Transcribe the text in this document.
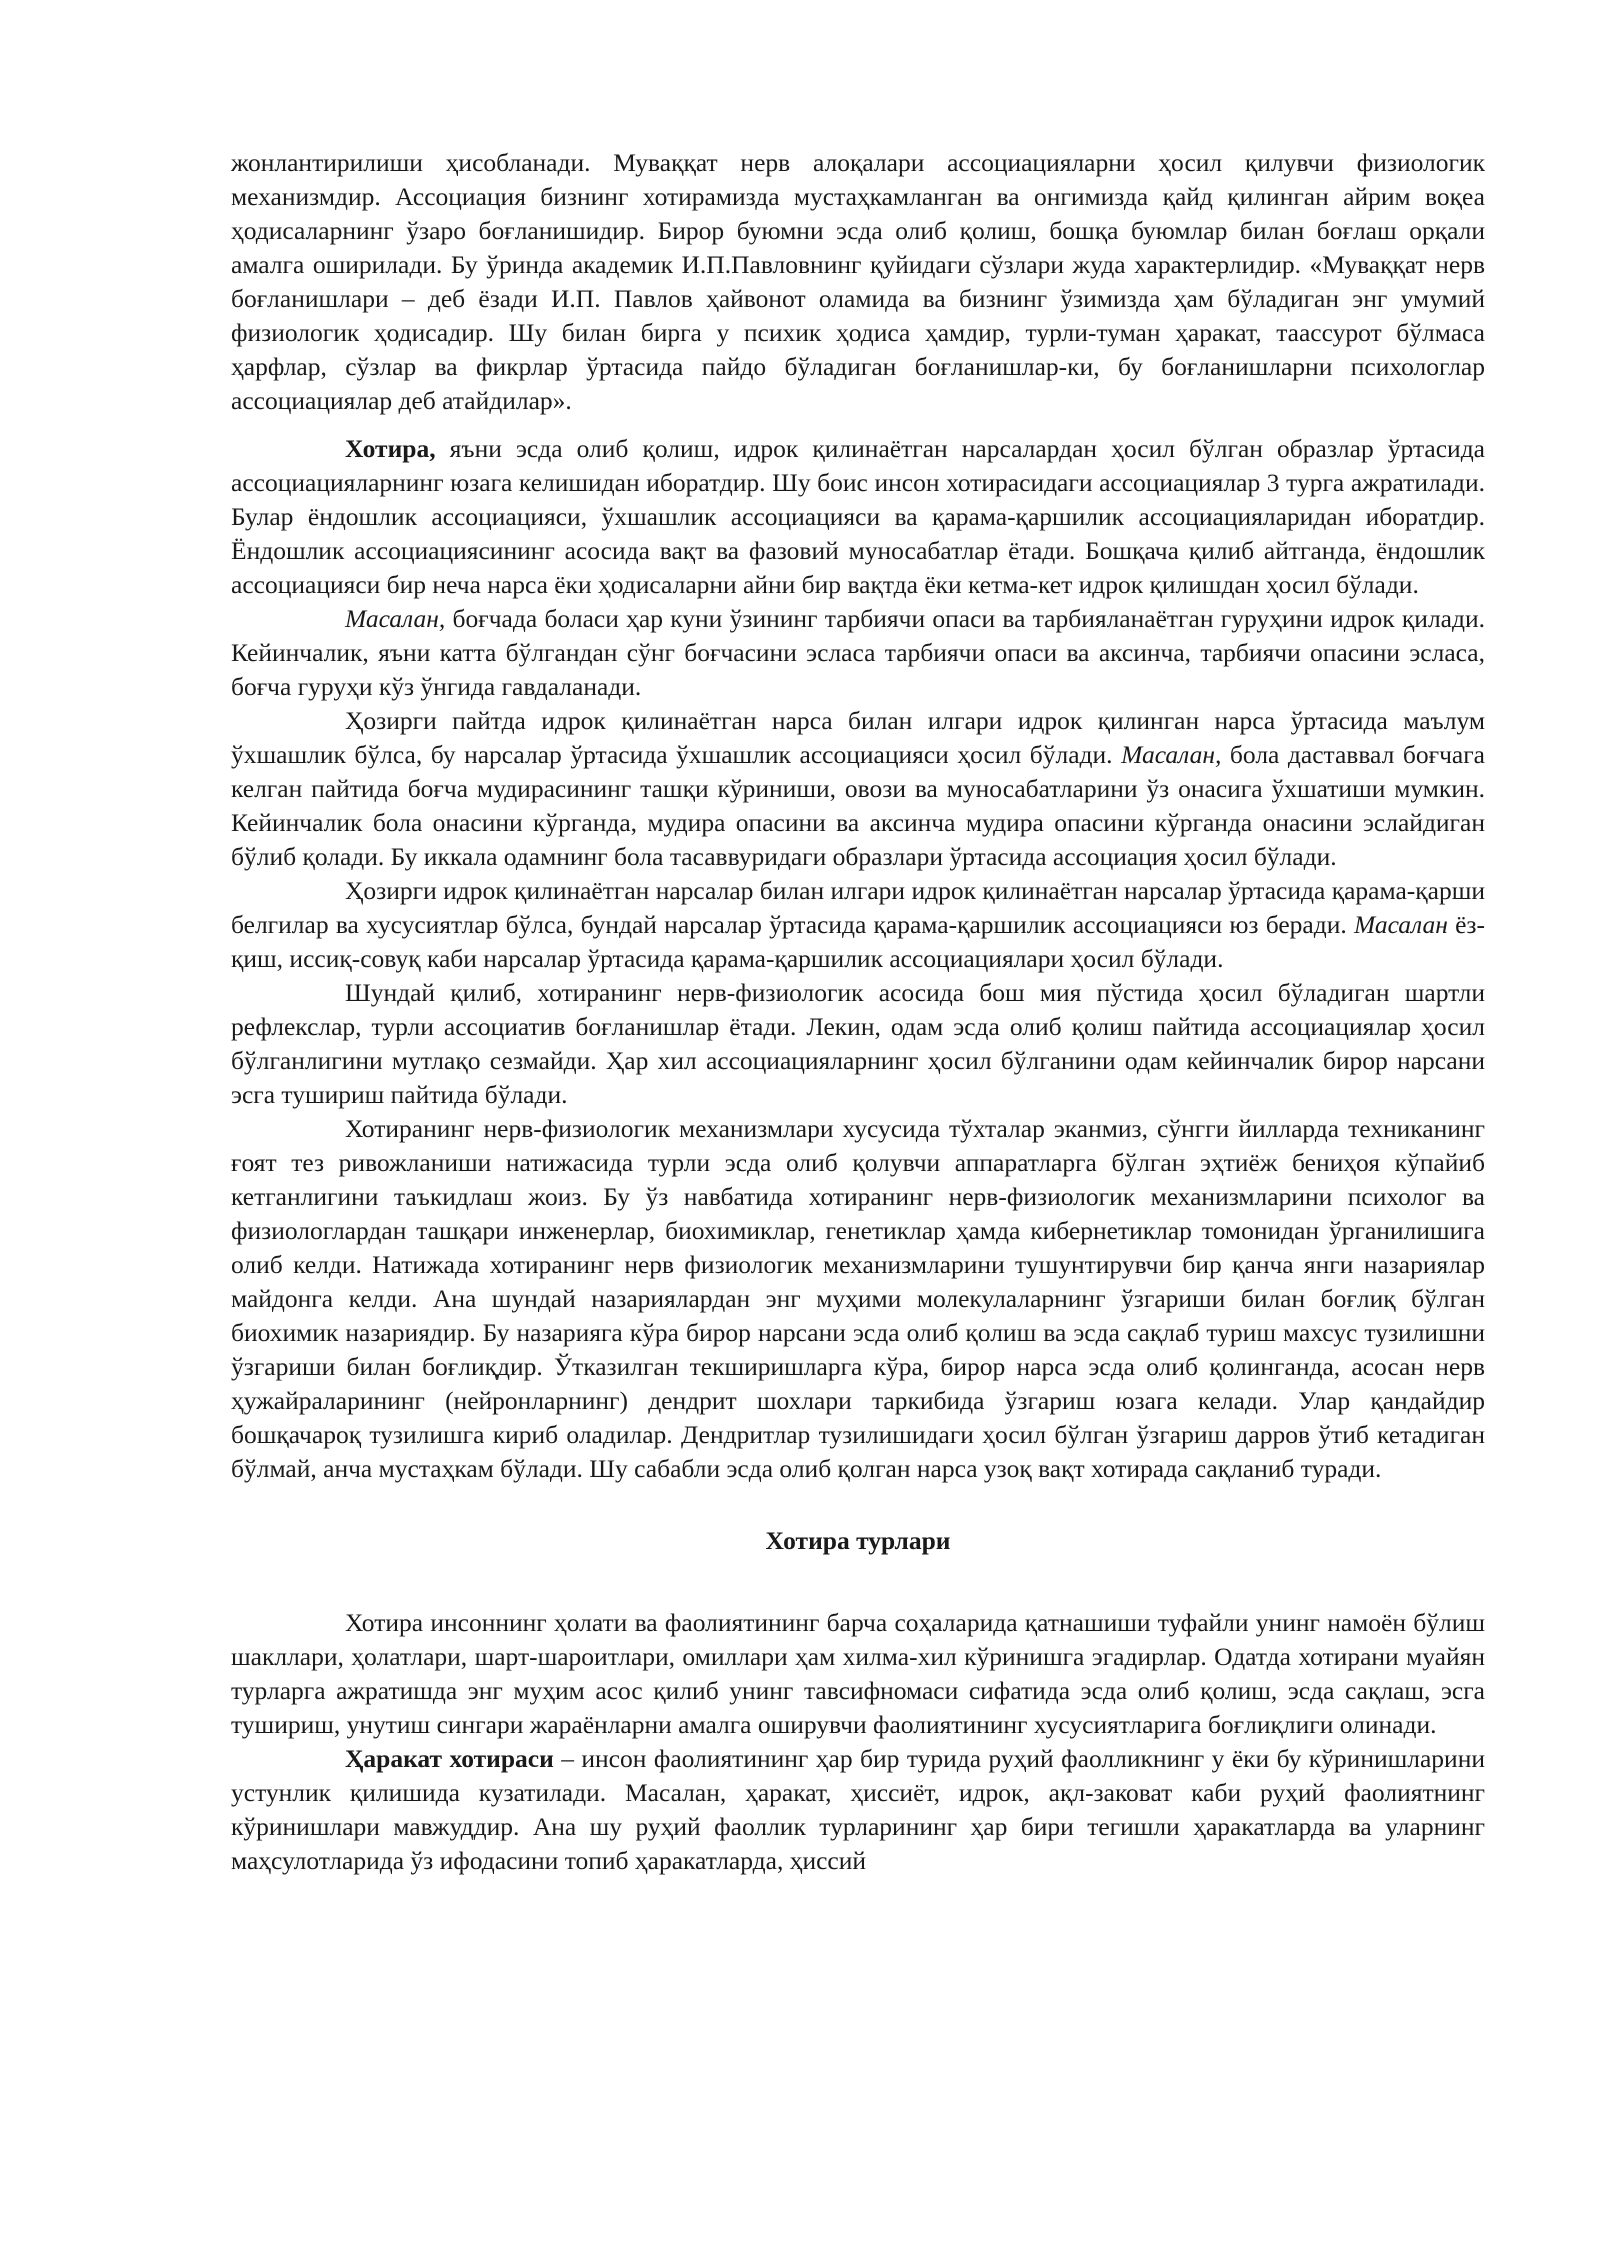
жонлантирилиши ҳисобланади. Муваққат нерв алоқалари ассоциацияларни ҳосил қилувчи физиологик механизмдир. Ассоциация бизнинг хотирамизда мустаҳкамланган ва онгимизда қайд қилинган айрим воқеа ҳодисаларнинг ўзаро боғланишидир. Бирор буюмни эсда олиб қолиш, бошқа буюмлар билан боғлаш орқали амалга оширилади. Бу ўринда академик И.П.Павловнинг қуйидаги сўзлари жуда характерлидир. «Муваққат нерв боғланишлари – деб ёзади И.П. Павлов ҳайвонот оламида ва бизнинг ўзимизда ҳам бўладиган энг умумий физиологик ҳодисадир. Шу билан бирга у психик ҳодиса ҳамдир, турли-туман ҳаракат, таассурот бўлмаса ҳарфлар, сўзлар ва фикрлар ўртасида пайдо бўладиган боғланишлар-ки, бу боғланишларни психологлар ассоциациялар деб атайдилар».

Хотира, яъни эсда олиб қолиш, идрок қилинаётган нарсалардан ҳосил бўлган образлар ўртасида ассоциацияларнинг юзага келишидан иборатдир. Шу боис инсон хотирасидаги ассоциациялар 3 турга ажратилади. Булар ёндошлик ассоциацияси, ўхшашлик ассоциацияси ва қарама-қаршилик ассоциацияларидан иборатдир. Ёндошлик ассоциациясининг асосида вақт ва фазовий муносабатлар ётади. Бошқача қилиб айтганда, ёндошлик ассоциацияси бир неча нарса ёки ҳодисаларни айни бир вақтда ёки кетма-кет идрок қилишдан ҳосил бўлади.

Масалан, боғчада боласи ҳар куни ўзининг тарбиячи опаси ва тарбияланаётган гуруҳини идрок қилади. Кейинчалик, яъни катта бўлгандан сўнг боғчасини эсласа тарбиячи опаси ва аксинча, тарбиячи опасини эсласа, боғча гуруҳи кўз ўнгида гавдаланади.

Ҳозирги пайтда идрок қилинаётган нарса билан илгари идрок қилинган нарса ўртасида маълум ўхшашлик бўлса, бу нарсалар ўртасида ўхшашлик ассоциацияси ҳосил бўлади. Масалан, бола даставвал боғчага келган пайтида боғча мудирасининг ташқи кўриниши, овози ва муносабатларини ўз онасига ўхшатиши мумкин. Кейинчалик бола онасини кўрганда, мудира опасини ва аксинча мудира опасини кўрганда онасини эслайдиган бўлиб қолади. Бу иккала одамнинг бола тасаввуридаги образлари ўртасида ассоциация ҳосил бўлади.

Ҳозирги идрок қилинаётган нарсалар билан илгари идрок қилинаётган нарсалар ўртасида қарама-қарши белгилар ва хусусиятлар бўлса, бундай нарсалар ўртасида қарама-қаршилик ассоциацияси юз беради. Масалан ёз-қиш, иссиқ-совуқ каби нарсалар ўртасида қарама-қаршилик ассоциациялари ҳосил бўлади.

Шундай қилиб, хотиранинг нерв-физиологик асосида бош мия пўстида ҳосил бўладиган шартли рефлекслар, турли ассоциатив боғланишлар ётади. Лекин, одам эсда олиб қолиш пайтида ассоциациялар ҳосил бўлганлигини мутлақо сезмайди. Ҳар хил ассоциацияларнинг ҳосил бўлганини одам кейинчалик бирор нарсани эсга тушириш пайтида бўлади.

Хотиранинг нерв-физиологик механизмлари хусусида тўхталар эканмиз, сўнгги йилларда техниканинг ғоят тез ривожланиши натижасида турли эсда олиб қолувчи аппаратларга бўлган эҳтиёж бениҳоя кўпайиб кетганлигини таъкидлаш жоиз. Бу ўз навбатида хотиранинг нерв-физиологик механизмларини психолог ва физиологлардан ташқари инженерлар, биохимиклар, генетиклар ҳамда кибернетиклар томонидан ўрганилишига олиб келди. Натижада хотиранинг нерв физиологик механизмларини тушунтирувчи бир қанча янги назариялар майдонга келди. Ана шундай назариялардан энг муҳими молекулаларнинг ўзгариши билан боғлиқ бўлган биохимик назариядир. Бу назарияга кўра бирор нарсани эсда олиб қолиш ва эсда сақлаб туриш махсус тузилишни ўзгариши билан боғлиқдир. Ўтказилган текширишларга кўра, бирор нарса эсда олиб қолинганда, асосан нерв ҳужайраларининг (нейронларнинг) дендрит шохлари таркибида ўзгариш юзага келади. Улар қандайдир бошқачароқ тузилишга кириб оладилар. Дендритлар тузилишидаги ҳосил бўлган ўзгариш дарров ўтиб кетадиган бўлмай, анча мустаҳкам бўлади. Шу сабабли эсда олиб қолган нарса узоқ вақт хотирада сақланиб туради.

Хотира турлари

Хотира инсоннинг ҳолати ва фаолиятининг барча соҳаларида қатнашиши туфайли унинг намоён бўлиш шакллари, ҳолатлари, шарт-шароитлари, омиллари ҳам хилма-хил кўринишга эгадирлар. Одатда хотирани муайян турларга ажратишда энг муҳим асос қилиб унинг тавсифномаси сифатида эсда олиб қолиш, эсда сақлаш, эсга тушириш, унутиш сингари жараёнларни амалга оширувчи фаолиятининг хусусиятларига боғлиқлиги олинади.

Ҳаракат хотираси – инсон фаолиятининг ҳар бир турида руҳий фаолликнинг у ёки бу кўринишларини устунлик қилишида кузатилади. Масалан, ҳаракат, ҳиссиёт, идрок, ақл-заковат каби руҳий фаолиятнинг кўринишлари мавжуддир. Ана шу руҳий фаоллик турларининг ҳар бири тегишли ҳаракатларда ва уларнинг маҳсулотларида ўз ифодасини топиб ҳаракатларда, ҳиссий
